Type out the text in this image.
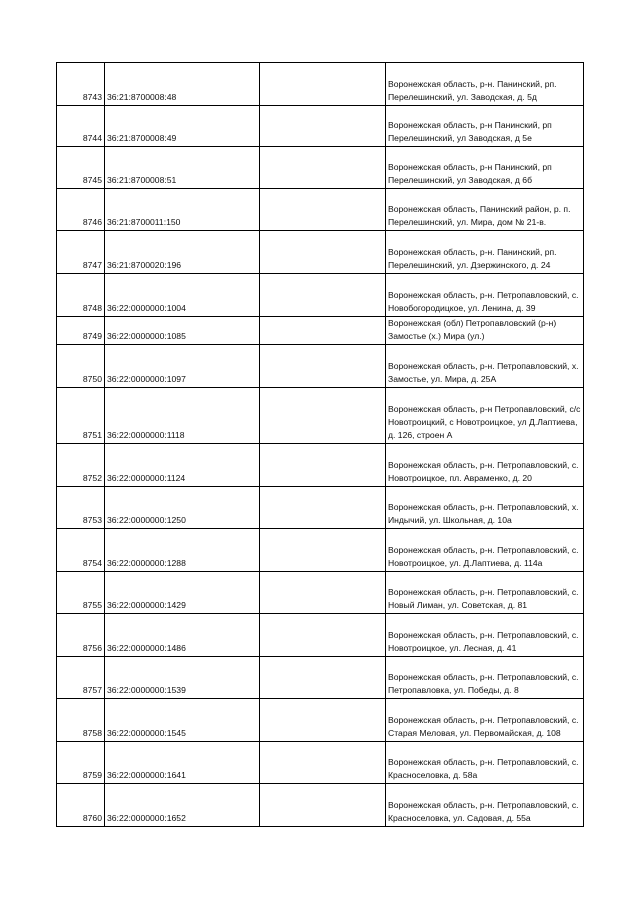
8743	36:21:8700008:48		Воронежская область, р-н. Панинский, рп. Перелешинский, ул. Заводская, д. 5д
8744	36:21:8700008:49		Воронежская область, р-н Панинский, рп Перелешинский, ул Заводская, д 5е
8745	36:21:8700008:51		Воронежская область, р-н Панинский, рп Перелешинский, ул Заводская, д 6б
8746	36:21:8700011:150		Воронежская область, Панинский район, р. п. Перелешинский, ул. Мира, дом № 21-в.
8747	36:21:8700020:196		Воронежская область, р-н. Панинский, рп. Перелешинский, ул. Дзержинского, д. 24
8748	36:22:0000000:1004		Воронежская область, р-н. Петропавловский, с. Новобогородицкое, ул. Ленина, д. 39
8749	36:22:0000000:1085		Воронежская (обл) Петропавловский (р-н) Замостье (х.) Мира (ул.)
8750	36:22:0000000:1097		Воронежская область, р-н. Петропавловский, х. Замостье, ул. Мира, д. 25А
8751	36:22:0000000:1118		Воронежская область, р-н Петропавловский, с/с Новотроицкий, с Новотроицкое, ул Д.Лаптиева, д. 126, строен А
8752	36:22:0000000:1124		Воронежская область, р-н. Петропавловский, с. Новотроицкое, пл. Авраменко, д. 20
8753	36:22:0000000:1250		Воронежская область, р-н. Петропавловский, х. Индычий, ул. Школьная, д. 10а
8754	36:22:0000000:1288		Воронежская область, р-н. Петропавловский, с. Новотроицкое, ул. Д.Лаптиева, д. 114а
8755	36:22:0000000:1429		Воронежская область, р-н. Петропавловский, с. Новый Лиман, ул. Советская, д. 81
8756	36:22:0000000:1486		Воронежская область, р-н. Петропавловский, с. Новотроицкое, ул. Лесная, д. 41
8757	36:22:0000000:1539		Воронежская область, р-н. Петропавловский, с. Петропавловка, ул. Победы, д. 8
8758	36:22:0000000:1545		Воронежская область, р-н. Петропавловский, с. Старая Меловая, ул. Первомайская, д. 108
8759	36:22:0000000:1641		Воронежская область, р-н. Петропавловский, с. Красноселовка, д. 58а
8760	36:22:0000000:1652		Воронежская область, р-н. Петропавловский, с. Красноселовка, ул. Садовая, д. 55а
